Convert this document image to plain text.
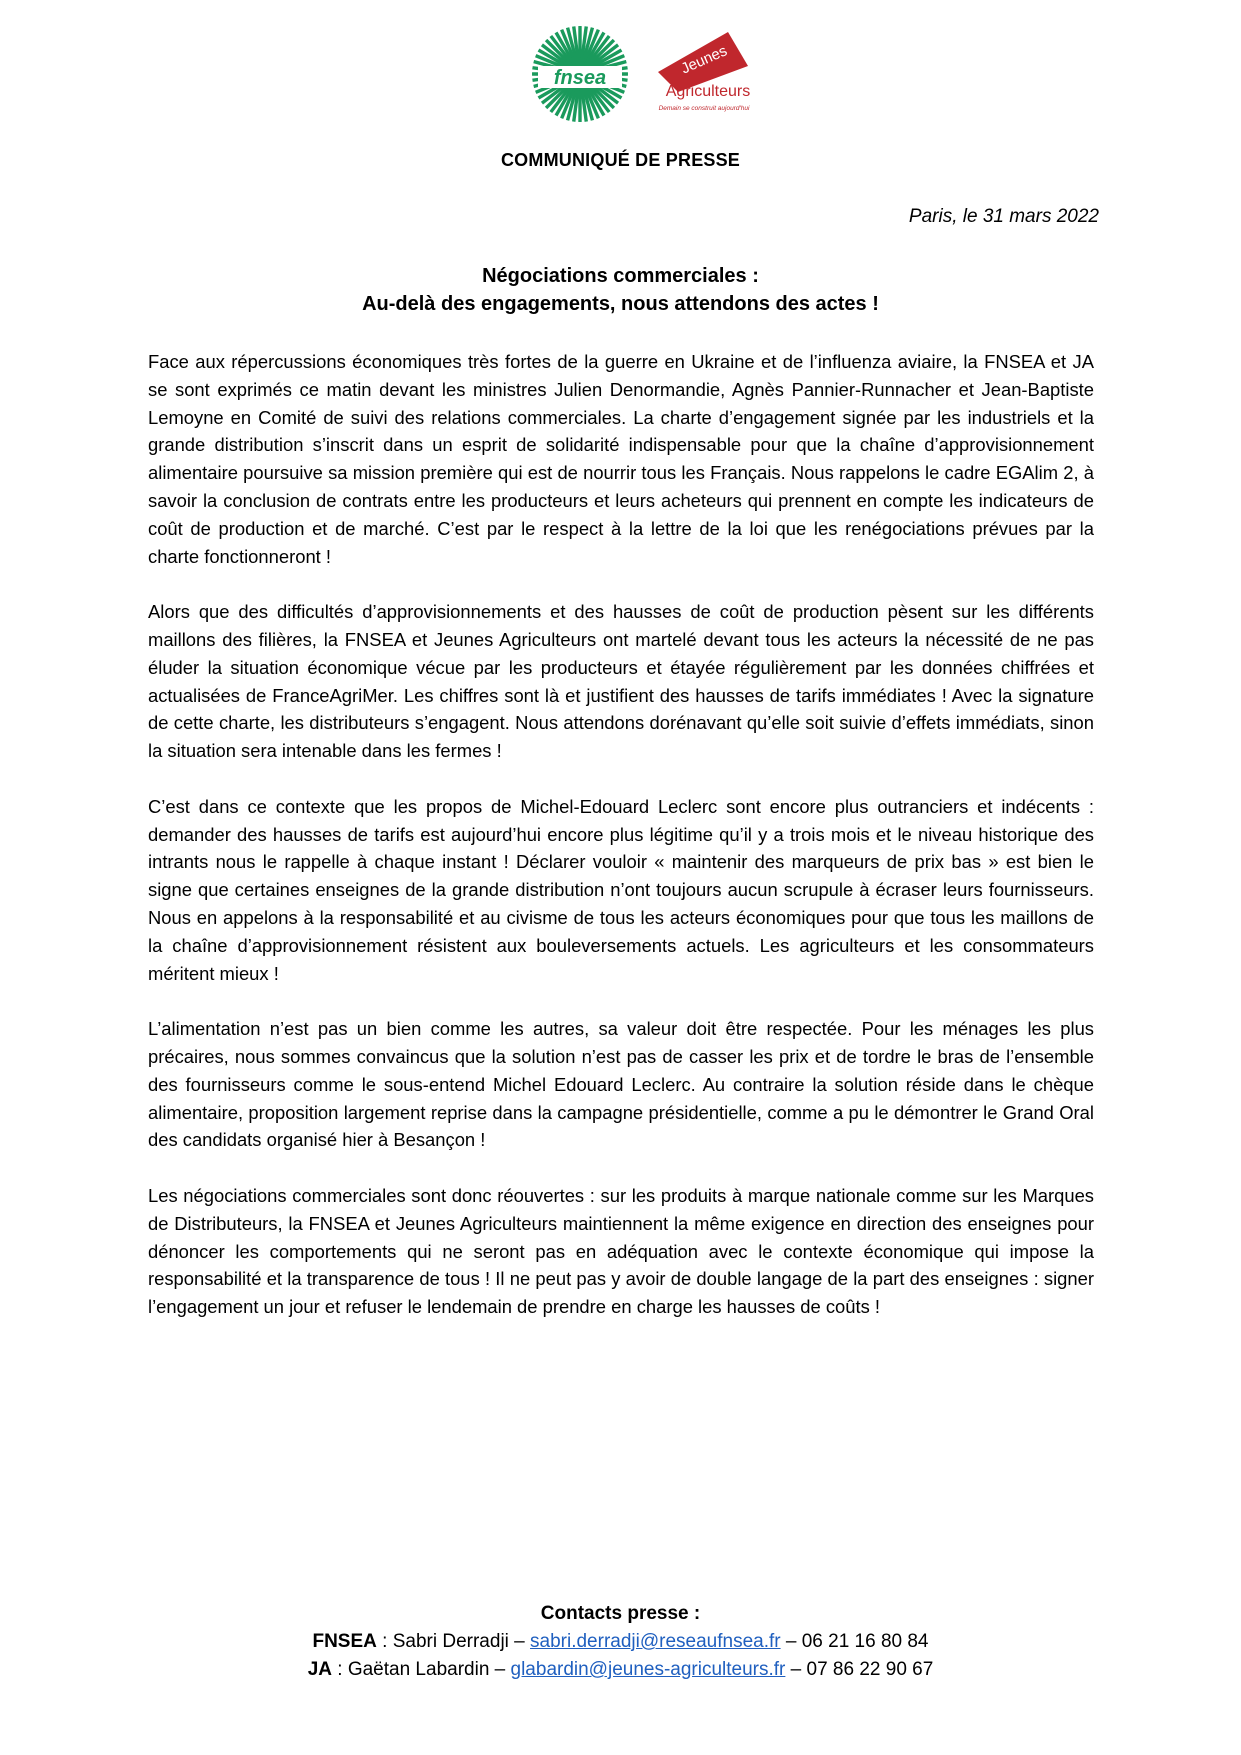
fnsea
Jeunes
Agriculteurs
Demain se construit aujourd'hui
COMMUNIQUÉ DE PRESSE
Paris, le 31 mars 2022
Négociations commerciales :
Au-delà des engagements, nous attendons des actes !

Face aux répercussions économiques très fortes de la guerre en Ukraine et de l’influenza aviaire, la FNSEA et JA se sont exprimés ce matin devant les ministres Julien Denormandie, Agnès Pannier-Runnacher et Jean-Baptiste Lemoyne en Comité de suivi des relations commerciales. La charte d’engagement signée par les industriels et la grande distribution s’inscrit dans un esprit de solidarité indispensable pour que la chaîne d’approvisionnement alimentaire poursuive sa mission première qui est de nourrir tous les Français. Nous rappelons le cadre EGAlim 2, à savoir la conclusion de contrats entre les producteurs et leurs acheteurs qui prennent en compte les indicateurs de coût de production et de marché. C’est par le respect à la lettre de la loi que les renégociations prévues par la charte fonctionneront !

Alors que des difficultés d’approvisionnements et des hausses de coût de production pèsent sur les différents maillons des filières, la FNSEA et Jeunes Agriculteurs ont martelé devant tous les acteurs la nécessité de ne pas éluder la situation économique vécue par les producteurs et étayée régulièrement par les données chiffrées et actualisées de FranceAgriMer. Les chiffres sont là et justifient des hausses de tarifs immédiates ! Avec la signature de cette charte, les distributeurs s’engagent. Nous attendons dorénavant qu’elle soit suivie d’effets immédiats, sinon la situation sera intenable dans les fermes !

C’est dans ce contexte que les propos de Michel-Edouard Leclerc sont encore plus outranciers et indécents : demander des hausses de tarifs est aujourd’hui encore plus légitime qu’il y a trois mois et le niveau historique des intrants nous le rappelle à chaque instant ! Déclarer vouloir « maintenir des marqueurs de prix bas » est bien le signe que certaines enseignes de la grande distribution n’ont toujours aucun scrupule à écraser leurs fournisseurs. Nous en appelons à la responsabilité et au civisme de tous les acteurs économiques pour que tous les maillons de la chaîne d’approvisionnement résistent aux bouleversements actuels. Les agriculteurs et les consommateurs méritent mieux !

L’alimentation n’est pas un bien comme les autres, sa valeur doit être respectée. Pour les ménages les plus précaires, nous sommes convaincus que la solution n’est pas de casser les prix et de tordre le bras de l’ensemble des fournisseurs comme le sous-entend Michel Edouard Leclerc. Au contraire la solution réside dans le chèque alimentaire, proposition largement reprise dans la campagne présidentielle, comme a pu le démontrer le Grand Oral des candidats organisé hier à Besançon !

Les négociations commerciales sont donc réouvertes : sur les produits à marque nationale comme sur les Marques de Distributeurs, la FNSEA et Jeunes Agriculteurs maintiennent la même exigence en direction des enseignes pour dénoncer les comportements qui ne seront pas en adéquation avec le contexte économique qui impose la responsabilité et la transparence de tous ! Il ne peut pas y avoir de double langage de la part des enseignes : signer l’engagement un jour et refuser le lendemain de prendre en charge les hausses de coûts !

Contacts presse :
FNSEA : Sabri Derradji – sabri.derradji@reseaufnsea.fr – 06 21 16 80 84
JA : Gaëtan Labardin – glabardin@jeunes-agriculteurs.fr – 07 86 22 90 67
